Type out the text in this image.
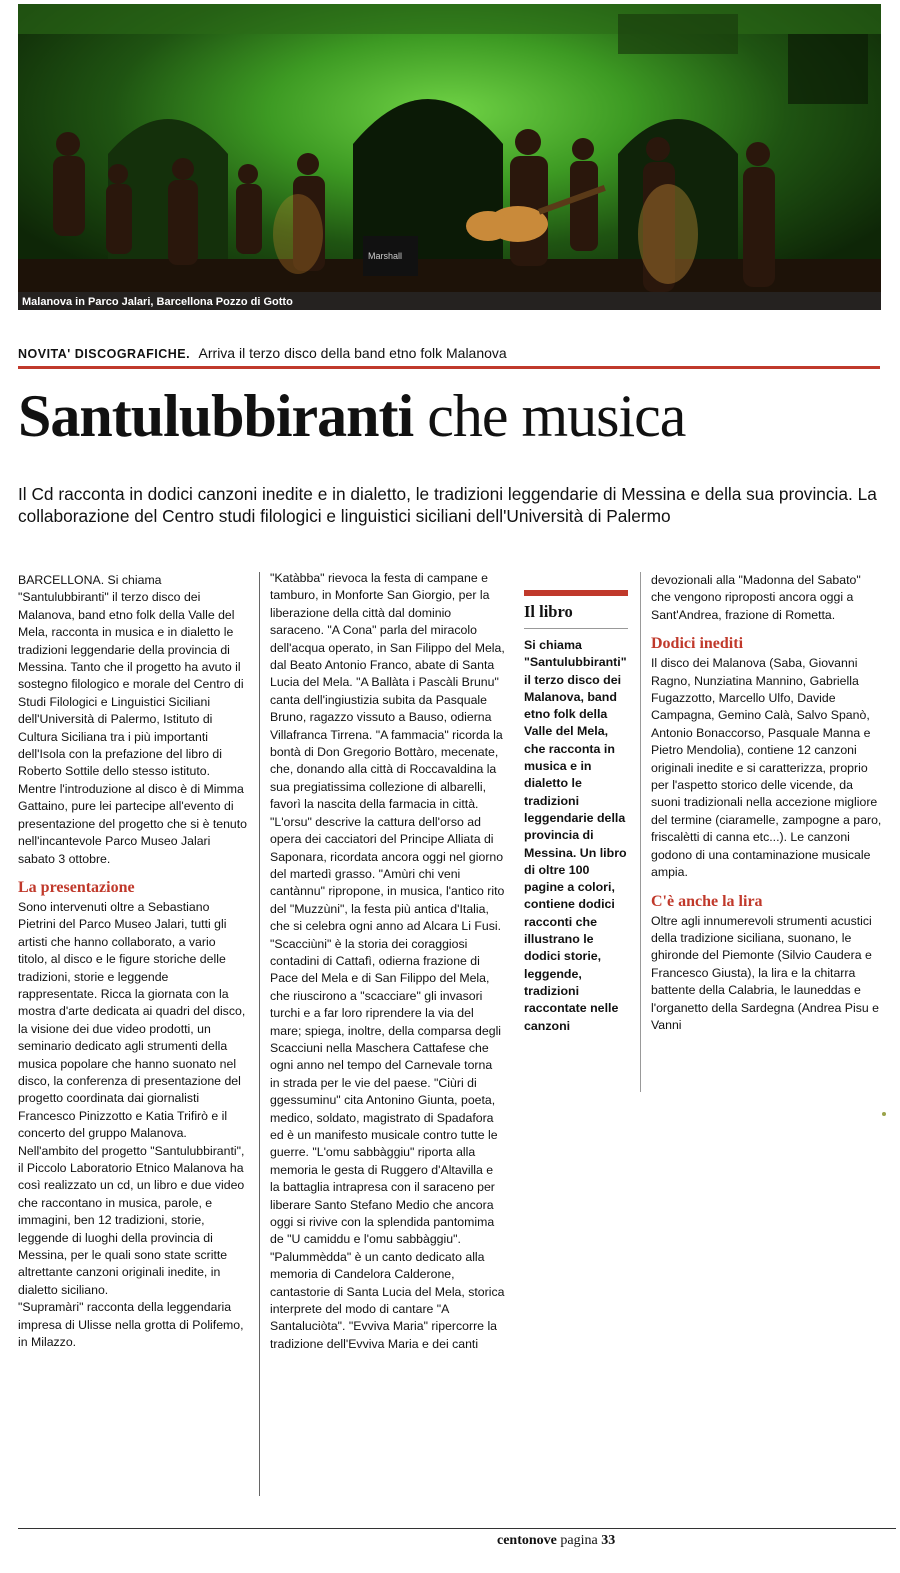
Marshall
Malanova in Parco Jalari, Barcellona Pozzo di Gotto
NOVITA' DISCOGRAFICHE. Arriva il terzo disco della band etno folk Malanova
Santulubbiranti che musica
Il Cd racconta in dodici canzoni inedite e in dialetto, le tradizioni leggendarie di Messina e della sua provincia. La collaborazione del Centro studi filologici e linguistici siciliani dell'Università di Palermo

BARCELLONA. Si chiama "Santulubbiranti" il terzo disco dei Malanova, band etno folk della Valle del Mela, racconta in musica e in dialetto le tradizioni leggendarie della provincia di Messina. Tanto che il progetto ha avuto il sostegno filologico e morale del Centro di Studi Filologici e Linguistici Siciliani dell'Università di Palermo, Istituto di Cultura Siciliana tra i più importanti dell'Isola con la prefazione del libro di Roberto Sottile dello stesso istituto. Mentre l'introduzione al disco è di Mimma Gattaino, pure lei partecipe all'evento di presentazione del progetto che si è tenuto nell'incantevole Parco Museo Jalari sabato 3 ottobre.

La presentazione

Sono intervenuti oltre a Sebastiano Pietrini del Parco Museo Jalari, tutti gli artisti che hanno collaborato, a vario titolo, al disco e le figure storiche delle tradizioni, storie e leggende rappresentate. Ricca la giornata con la mostra d'arte dedicata ai quadri del disco, la visione dei due video prodotti, un seminario dedicato agli strumenti della musica popolare che hanno suonato nel disco, la conferenza di presentazione del progetto coordinata dai giornalisti Francesco Pinizzotto e Katia Trifirò e il concerto del gruppo Malanova.

Nell'ambito del progetto "Santulubbiranti", il Piccolo Laboratorio Etnico Malanova ha così realizzato un cd, un libro e due video che raccontano in musica, parole, e immagini, ben 12 tradizioni, storie, leggende di luoghi della provincia di Messina, per le quali sono state scritte altrettante canzoni originali inedite, in dialetto siciliano.

"Supramàri" racconta della leggendaria impresa di Ulisse nella grotta di Polifemo, in Milazzo.

"Katàbba" rievoca la festa di campane e tamburo, in Monforte San Giorgio, per la liberazione della città dal dominio saraceno. "A Cona" parla del miracolo dell'acqua operato, in San Filippo del Mela, dal Beato Antonio Franco, abate di Santa Lucia del Mela. "A Ballàta i Pascàli Brunu" canta dell'ingiustizia subita da Pasquale Bruno, ragazzo vissuto a Bauso, odierna Villafranca Tirrena. "A fammacia" ricorda la bontà di Don Gregorio Bottàro, mecenate, che, donando alla città di Roccavaldina la sua pregiatissima collezione di albarelli, favorì la nascita della farmacia in città. "L'orsu" descrive la cattura dell'orso ad opera dei cacciatori del Principe Alliata di Saponara, ricordata ancora oggi nel giorno del martedì grasso. "Amùri chi veni cantànnu" ripropone, in musica, l'antico rito del "Muzzùni", la festa più antica d'Italia, che si celebra ogni anno ad Alcara Li Fusi. "Scacciùni" è la storia dei coraggiosi contadini di Cattafì, odierna frazione di Pace del Mela e di San Filippo del Mela, che riuscirono a "scacciare" gli invasori turchi e a far loro riprendere la via del mare; spiega, inoltre, della comparsa degli Scacciuni nella Maschera Cattafese che ogni anno nel tempo del Carnevale torna in strada per le vie del paese. "Ciùri di ggessuminu" cita Antonino Giunta, poeta, medico, soldato, magistrato di Spadafora ed è un manifesto musicale contro tutte le guerre. "L'omu sabbàggiu" riporta alla memoria le gesta di Ruggero d'Altavilla e la battaglia intrapresa con il saraceno per liberare Santo Stefano Medio che ancora oggi si rivive con la splendida pantomima de "U camiddu e l'omu sabbàggiu". "Palummèdda" è un canto dedicato alla memoria di Candelora Calderone, cantastorie di Santa Lucia del Mela, storica interprete del modo di cantare "A Santaluciòta". "Evviva Maria" ripercorre la tradizione dell'Evviva Maria e dei canti

Il libro
Si chiama "Santulubbiranti" il terzo disco dei Malanova, band etno folk della Valle del Mela, che racconta in musica e in dialetto le tradizioni leggendarie della provincia di Messina. Un libro di oltre 100 pagine a colori, contiene dodici racconti che illustrano le dodici storie, leggende, tradizioni raccontate nelle canzoni

devozionali alla "Madonna del Sabato" che vengono riproposti ancora oggi a Sant'Andrea, frazione di Rometta.

Dodici inediti

Il disco dei Malanova (Saba, Giovanni Ragno, Nunziatina Mannino, Gabriella Fugazzotto, Marcello Ulfo, Davide Campagna, Gemino Calà, Salvo Spanò, Antonio Bonaccorso, Pasquale Manna e Pietro Mendolia), contiene 12 canzoni originali inedite e si caratterizza, proprio per l'aspetto storico delle vicende, da suoni tradizionali nella accezione migliore del termine (ciaramelle, zampogne a paro, friscalètti di canna etc...). Le canzoni godono di una contaminazione musicale ampia.

C'è anche la lira

Oltre agli innumerevoli strumenti acustici della tradizione siciliana, suonano, le ghironde del Piemonte (Silvio Caudera e Francesco Giusta), la lira e la chitarra battente della Calabria, le launeddas e l'organetto della Sardegna (Andrea Pisu e Vanni

centonove pagina 33
